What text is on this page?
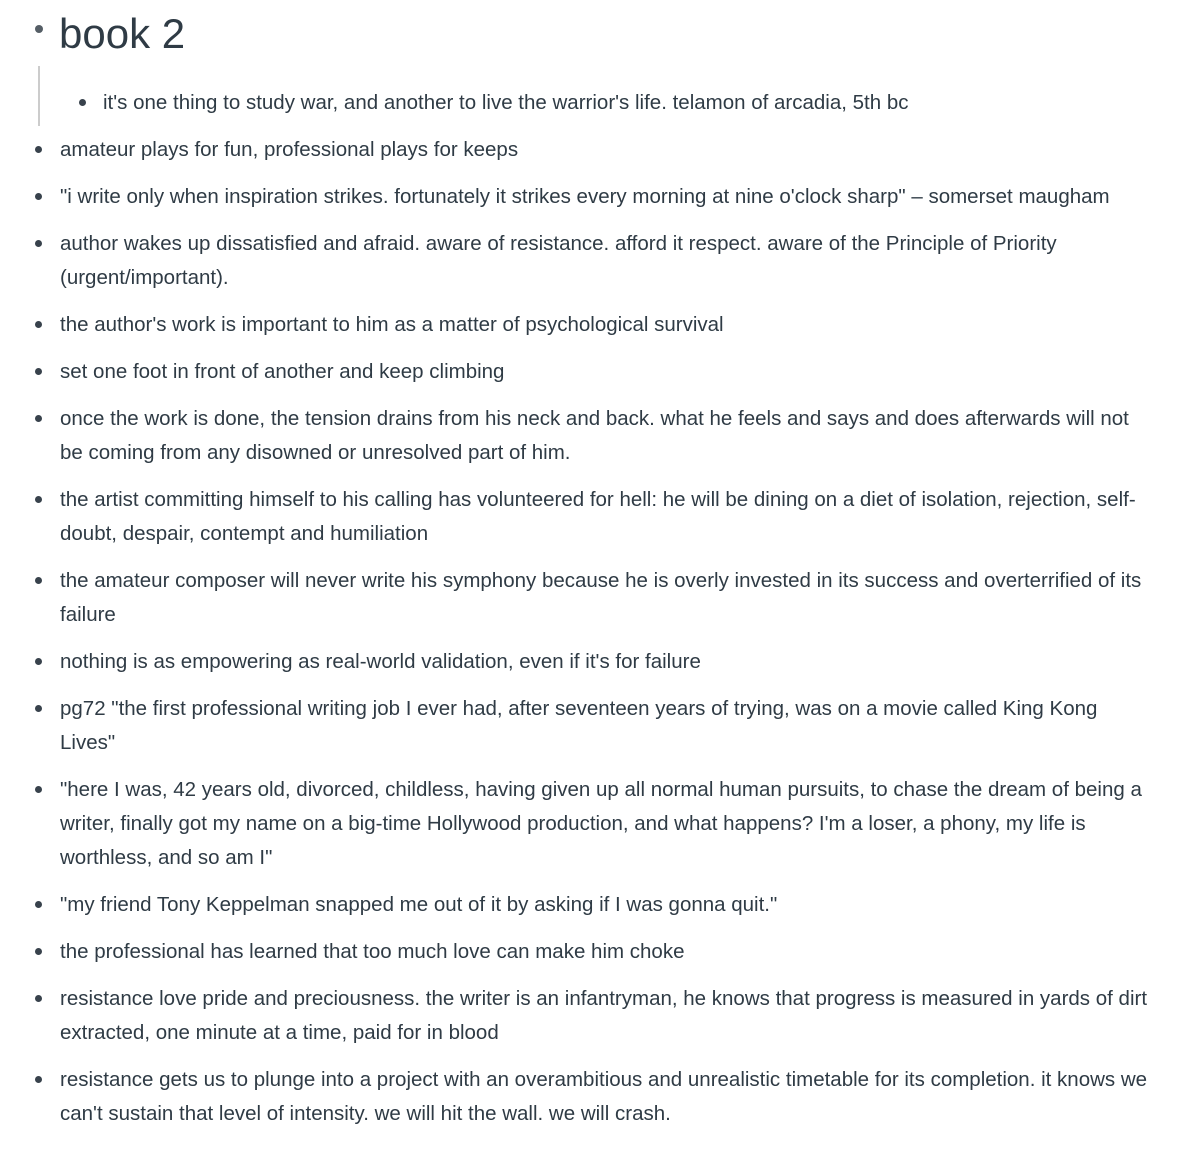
book 2
it's one thing to study war, and another to live the warrior's life. telamon of arcadia, 5th bc
amateur plays for fun, professional plays for keeps
"i write only when inspiration strikes. fortunately it strikes every morning at nine o'clock sharp" – somerset maugham
author wakes up dissatisfied and afraid. aware of resistance. afford it respect. aware of the Principle of Priority (urgent/important).
the author's work is important to him as a matter of psychological survival
set one foot in front of another and keep climbing
once the work is done, the tension drains from his neck and back. what he feels and says and does afterwards will not be coming from any disowned or unresolved part of him.
the artist committing himself to his calling has volunteered for hell: he will be dining on a diet of isolation, rejection, self-doubt, despair, contempt and humiliation
the amateur composer will never write his symphony because he is overly invested in its success and overterrified of its failure
nothing is as empowering as real-world validation, even if it's for failure
pg72 "the first professional writing job I ever had, after seventeen years of trying, was on a movie called King Kong Lives"
"here I was, 42 years old, divorced, childless, having given up all normal human pursuits, to chase the dream of being a writer, finally got my name on a big-time Hollywood production, and what happens? I'm a loser, a phony, my life is worthless, and so am I"
"my friend Tony Keppelman snapped me out of it by asking if I was gonna quit."
the professional has learned that too much love can make him choke
resistance love pride and preciousness. the writer is an infantryman, he knows that progress is measured in yards of dirt extracted, one minute at a time, paid for in blood
resistance gets us to plunge into a project with an overambitious and unrealistic timetable for its completion. it knows we can't sustain that level of intensity. we will hit the wall. we will crash.
